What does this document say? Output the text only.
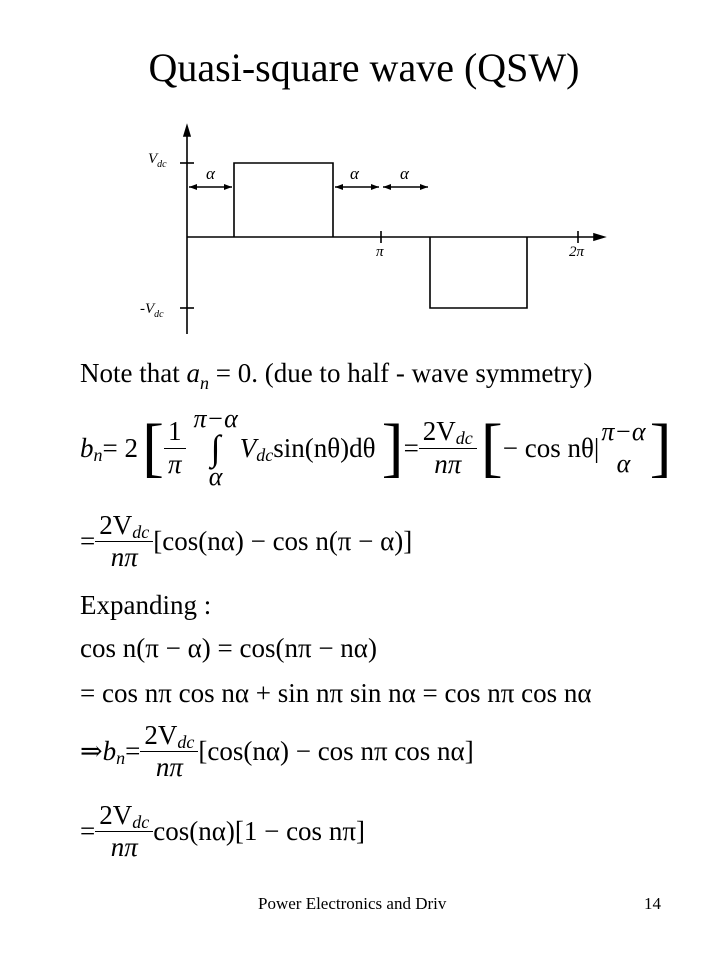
Quasi-square wave (QSW)
$V_{dc}$
$-V_{dc}$
α	α α
π	2π
Note that $a_n = 0$. (due to half - wave symmetry)
b n = 2 [ $\frac{1}{\pi} \pi-\alpha$
∫
α
V dc sin(nθ)dθ ] = $\frac{\text{2Vdc}}{n\pi}$ [ − cos nθ|
π−α
α ]
= $\frac{\text{2Vdc}}{n\pi} [\cos(n\alpha) - \cos n(\pi - \alpha)]$
Expanding :
cos n(π − α) = cos(nπ − nα)
= cos nπ cos nα + sin nπ sin nα = cos nπ cos nα
⇒ b $n = \frac{\text{2Vdc}}{n\pi} [\cos(n\alpha) - \cos n\pi$ cos nα]
= $\frac{\text{2Vdc}}{n\pi} \cos(n\alpha)[1 - \cos n\pi]$
Power Electronics and Driv	14
